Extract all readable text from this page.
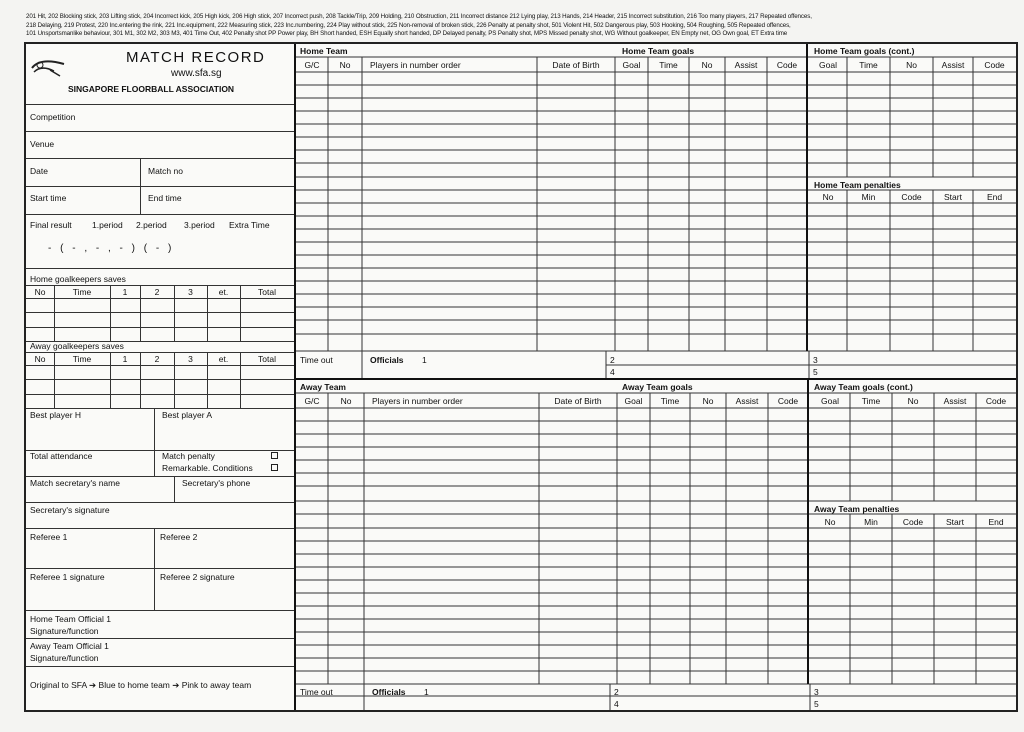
201 Hit, 202 Blocking stick, 203 Lifting stick, 204 Incorrect kick, 205 High kick, 206 High stick, 207 Incorrect push, 208 Tackle/Trip, 209 Holding, 210 Obstruction, 211 Incorrect distance 212 Lying play, 213 Hands, 214 Header, 215 Incorrect substitution, 216 Too many players, 217 Repeated offences,
218 Delaying, 219 Protest, 220 Inc.entering the rink, 221 Inc.equipment, 222 Measuring stick, 223 Inc.numbering, 224 Play without stick, 225 Non-removal of broken stick, 226 Penalty at penalty shot, 501 Violent Hit, 502 Dangerous play, 503 Hooking, 504 Roughing, 505 Repeated offences,
101 Unsportsmanlike behaviour, 301 M1, 302 M2, 303 M3, 401 Time Out, 402 Penalty shot PP Power play, BH Short handed, ESH Equally short handed, DP Delayed penalty, PS Penalty shot, MPS Missed penalty shot, WG Without goalkeeper, EN Empty net, OG Own goal, ET Extra time
MATCH RECORD
www.sfa.sg
SINGAPORE FLOORBALL ASSOCIATION
Competition
Venue
Date	Match no
Start time	End time
Final result 1.period 2.period 3.period Extra Time
- ( - , - , - ) ( - )
Home goalkeepers saves
No	Time	1	2	3	et.	Total
Away goalkeepers saves
No	Time	1	2	3	et.	Total
Best player H	Best player A
Total attendance	Match penalty
Remarkable. Conditions
Match secretary's name	Secretary's phone
Secretary's signature
Referee 1	Referee 2
Referee 1 signature	Referee 2 signature
Home Team Official 1
Signature/function
Away Team Official 1
Signature/function
Original to SFA ➔ Blue to home team ➔ Pink to away team
Home Team	Home Team goals	Home Team goals (cont.)
G/C	No	Players in number order	Date of Birth	Goal	Time	No	Assist	Code	Goal	Time	No	Assist	Code
Home Team penalties
No	Min	Code	Start	End
Time out	Officials 1	2	3
4	5
Away Team	Away Team goals	Away Team goals (cont.)
G/C	No	Players in number order	Date of Birth	Goal	Time	No	Assist	Code	Goal	Time	No	Assist	Code
Away Team penalties
No	Min	Code	Start	End
Time out	Officials 1	2	3
4	5
